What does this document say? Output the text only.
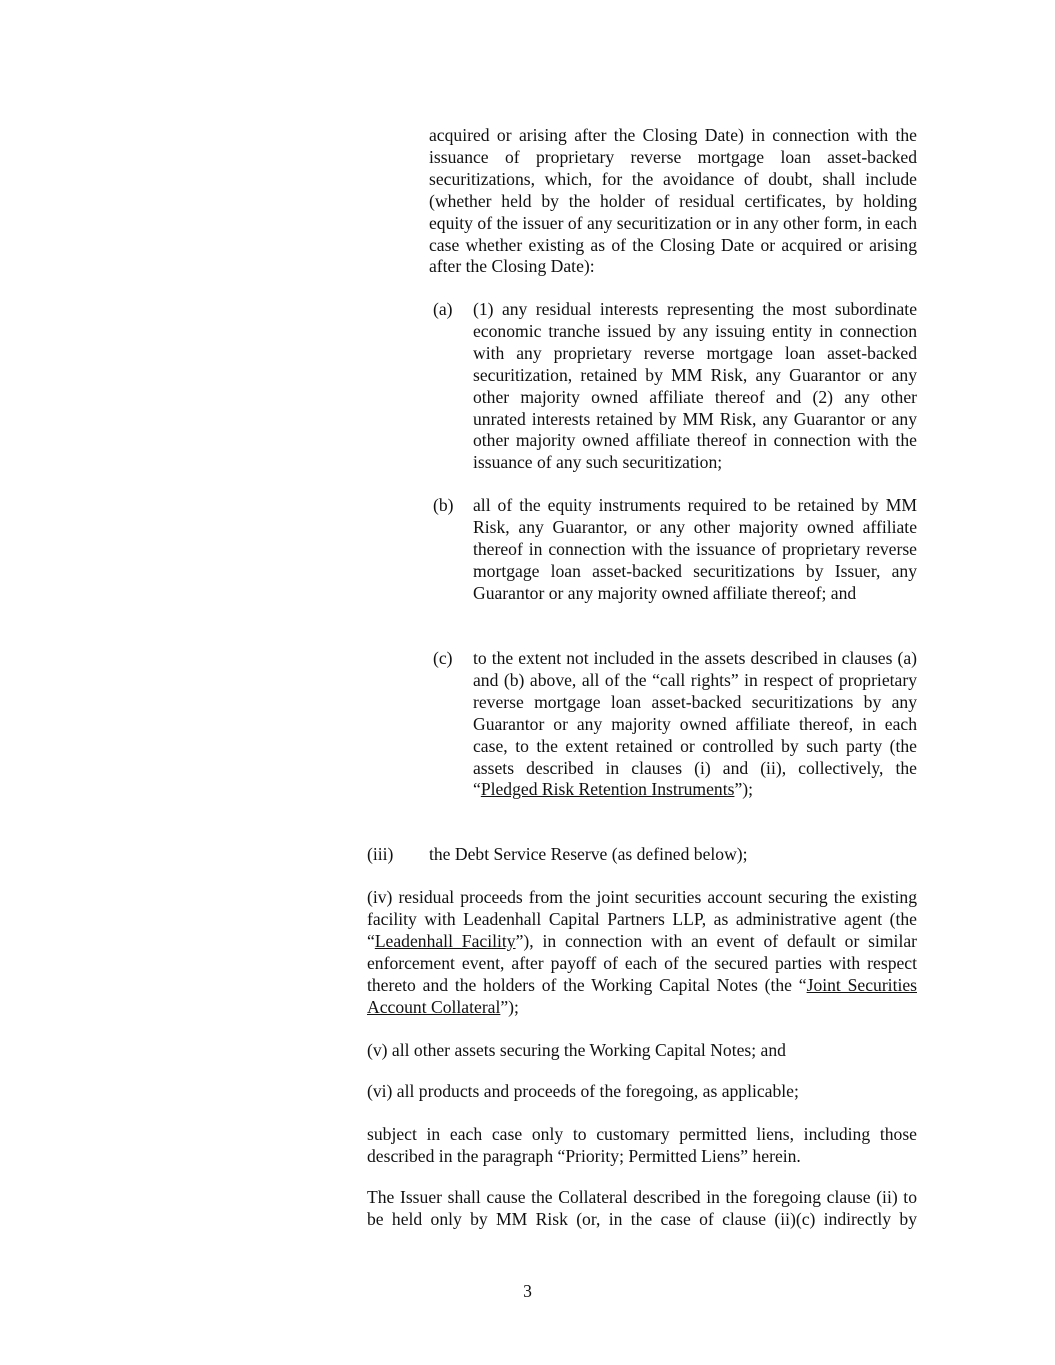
acquired or arising after the Closing Date) in connection with the issuance of proprietary reverse mortgage loan asset-backed securitizations, which, for the avoidance of doubt, shall include (whether held by the holder of residual certificates, by holding equity of the issuer of any securitization or in any other form, in each case whether existing as of the Closing Date or acquired or arising after the Closing Date):

(a) (1) any residual interests representing the most subordinate economic tranche issued by any issuing entity in connection with any proprietary reverse mortgage loan asset-backed securitization, retained by MM Risk, any Guarantor or any other majority owned affiliate thereof and (2) any other unrated interests retained by MM Risk, any Guarantor or any other majority owned affiliate thereof in connection with the issuance of any such securitization;
(b) all of the equity instruments required to be retained by MM Risk, any Guarantor, or any other majority owned affiliate thereof in connection with the issuance of proprietary reverse mortgage loan asset-backed securitizations by Issuer, any Guarantor or any majority owned affiliate thereof; and
(c) to the extent not included in the assets described in clauses (a) and (b) above, all of the “call rights” in respect of proprietary reverse mortgage loan asset-backed securitizations by any Guarantor or any majority owned affiliate thereof, in each case, to the extent retained or controlled by such party (the assets described in clauses (i) and (ii), collectively, the “Pledged Risk Retention Instruments”);
(iii) the Debt Service Reserve (as defined below);

(iv) residual proceeds from the joint securities account securing the existing facility with Leadenhall Capital Partners LLP, as administrative agent (the “Leadenhall Facility”), in connection with an event of default or similar enforcement event, after payoff of each of the secured parties with respect thereto and the holders of the Working Capital Notes (the “Joint Securities Account Collateral”);

(v) all other assets securing the Working Capital Notes; and

(vi) all products and proceeds of the foregoing, as applicable;

subject in each case only to customary permitted liens, including those described in the paragraph “Priority; Permitted Liens” herein.

The Issuer shall cause the Collateral described in the foregoing clause (ii) to be held only by MM Risk (or, in the case of clause (ii)(c) indirectly by

3
